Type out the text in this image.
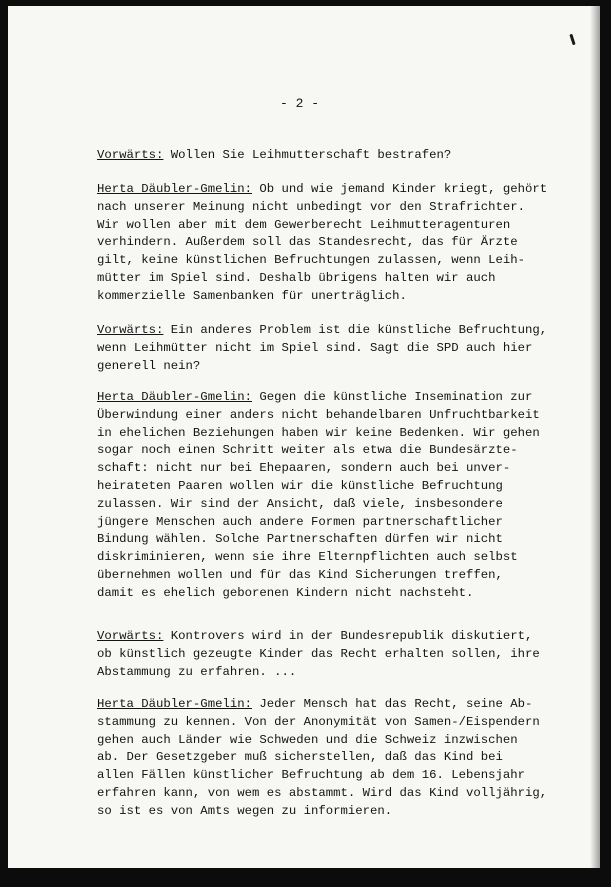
- 2 -
Vorwärts: Wollen Sie Leihmutterschaft bestrafen?
Herta Däubler-Gmelin: Ob und wie jemand Kinder kriegt, gehört
nach unserer Meinung nicht unbedingt vor den Strafrichter.
Wir wollen aber mit dem Gewerberecht Leihmutteragenturen
verhindern. Außerdem soll das Standesrecht, das für Ärzte
gilt, keine künstlichen Befruchtungen zulassen, wenn Leih-
mütter im Spiel sind. Deshalb übrigens halten wir auch
kommerzielle Samenbanken für unerträglich.
Vorwärts: Ein anderes Problem ist die künstliche Befruchtung,
wenn Leihmütter nicht im Spiel sind. Sagt die SPD auch hier
generell nein?
Herta Däubler-Gmelin: Gegen die künstliche Insemination zur
Überwindung einer anders nicht behandelbaren Unfruchtbarkeit
in ehelichen Beziehungen haben wir keine Bedenken. Wir gehen
sogar noch einen Schritt weiter als etwa die Bundesärzte-
schaft: nicht nur bei Ehepaaren, sondern auch bei unver-
heirateten Paaren wollen wir die künstliche Befruchtung
zulassen. Wir sind der Ansicht, daß viele, insbesondere
jüngere Menschen auch andere Formen partnerschaftlicher
Bindung wählen. Solche Partnerschaften dürfen wir nicht
diskriminieren, wenn sie ihre Elternpflichten auch selbst
übernehmen wollen und für das Kind Sicherungen treffen,
damit es ehelich geborenen Kindern nicht nachsteht.
Vorwärts: Kontrovers wird in der Bundesrepublik diskutiert,
ob künstlich gezeugte Kinder das Recht erhalten sollen, ihre
Abstammung zu erfahren. ...
Herta Däubler-Gmelin: Jeder Mensch hat das Recht, seine Ab-
stammung zu kennen. Von der Anonymität von Samen-/Eispendern
gehen auch Länder wie Schweden und die Schweiz inzwischen
ab. Der Gesetzgeber muß sicherstellen, daß das Kind bei
allen Fällen künstlicher Befruchtung ab dem 16. Lebensjahr
erfahren kann, von wem es abstammt. Wird das Kind volljährig,
so ist es von Amts wegen zu informieren.
